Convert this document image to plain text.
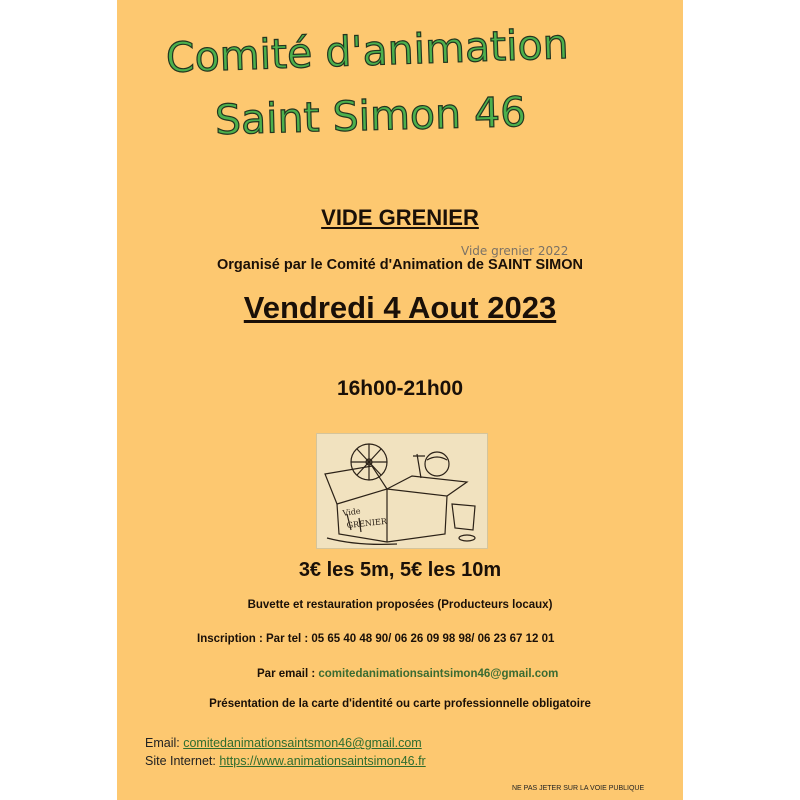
Comité d'animation
Saint Simon 46
VIDE GRENIER
Vide grenier 2022
Organisé par le Comité d'Animation de SAINT SIMON
Vendredi 4 Aout 2023
16h00-21h00
Vide
GRENIER
3€ les 5m, 5€ les 10m
Buvette et restauration proposées (Producteurs locaux)
Inscription : Par tel : 05 65 40 48 90/ 06 26 09 98 98/ 06 23 67 12 01
Par email : comitedanimationsaintsimon46@gmail.com
Présentation de la carte d'identité ou carte professionnelle obligatoire
Email: comitedanimationsaintsmon46@gmail.com
Site Internet: https://www.animationsaintsimon46.fr
NE PAS JETER SUR LA VOIE PUBLIQUE
